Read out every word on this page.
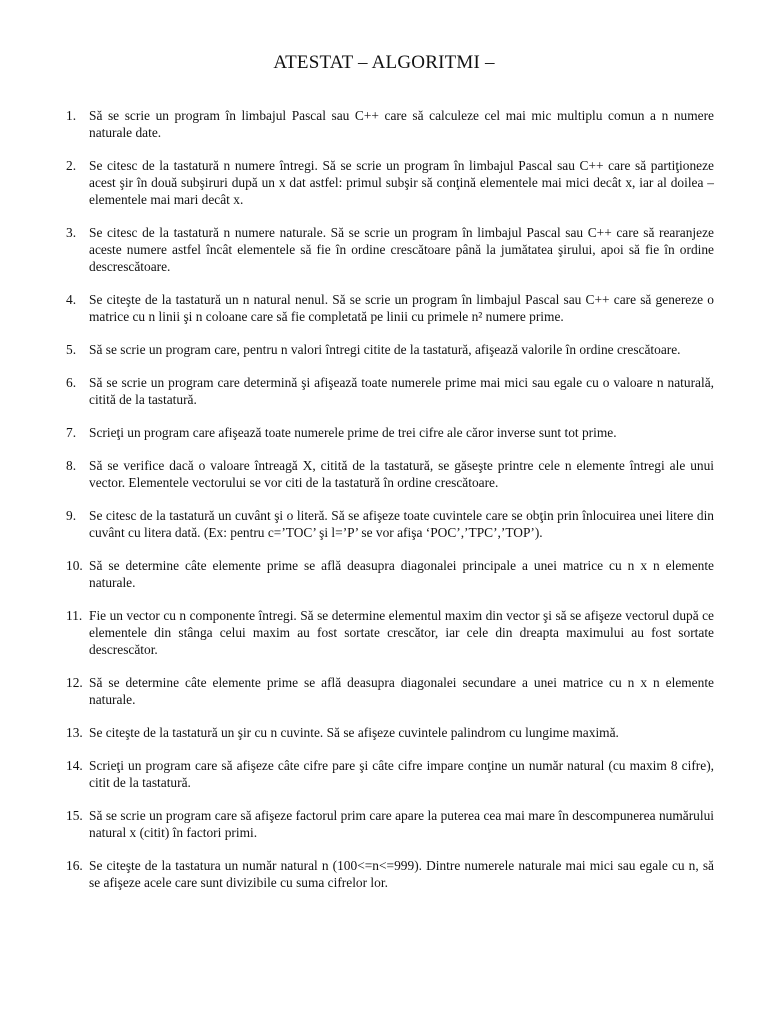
ATESTAT – ALGORITMI –
1. Să se scrie un program în limbajul Pascal sau C++ care să calculeze cel mai mic multiplu comun a n numere naturale date.
2. Se citesc de la tastatură n numere întregi. Să se scrie un program în limbajul Pascal sau C++ care să partiţioneze acest şir în două subşiruri după un x dat astfel: primul subşir să conţină elementele mai mici decât x, iar al doilea – elementele mai mari decât x.
3. Se citesc de la tastatură n numere naturale. Să se scrie un program în limbajul Pascal sau C++ care să rearanjeze aceste numere astfel încât elementele să fie în ordine crescătoare până la jumătatea şirului, apoi să fie în ordine descrescătoare.
4. Se citeşte de la tastatură un n natural nenul. Să se scrie un program în limbajul Pascal sau C++ care să genereze o matrice cu n linii şi n coloane care să fie completată pe linii cu primele n² numere prime.
5. Să se scrie un program care, pentru n valori întregi citite de la tastatură, afişează valorile în ordine crescătoare.
6. Să se scrie un program care determină şi afişează toate numerele prime mai mici sau egale cu o valoare n naturală, citită de la tastatură.
7. Scrieţi un program care afişează toate numerele prime de trei cifre ale căror inverse sunt tot prime.
8. Să se verifice dacă o valoare întreagă X, citită de la tastatură, se găseşte printre cele n elemente întregi ale unui vector. Elementele vectorului se vor citi de la tastatură în ordine crescătoare.
9. Se citesc de la tastatură un cuvânt şi o literă. Să se afişeze toate cuvintele care se obţin prin înlocuirea unei litere din cuvânt cu litera dată. (Ex: pentru c=’TOC’ şi l=’P’ se vor afişa ‘POC’,’TPC’,’TOP’).
10. Să se determine câte elemente prime se află deasupra diagonalei principale a unei matrice cu n x n elemente naturale.
11. Fie un vector cu n componente întregi. Să se determine elementul maxim din vector şi să se afişeze vectorul după ce elementele din stânga celui maxim au fost sortate crescător, iar cele din dreapta maximului au fost sortate descrescător.
12. Să se determine câte elemente prime se află deasupra diagonalei secundare a unei matrice cu n x n elemente naturale.
13. Se citeşte de la tastatură un şir cu n cuvinte. Să se afişeze cuvintele palindrom cu lungime maximă.
14. Scrieţi un program care să afişeze câte cifre pare şi câte cifre impare conţine un număr natural (cu maxim 8 cifre), citit de la tastatură.
15. Să se scrie un program care să afişeze factorul prim care apare la puterea cea mai mare în descompunerea numărului natural x (citit) în factori primi.
16. Se citeşte de la tastatura un număr natural n (100<=n<=999). Dintre numerele naturale mai mici sau egale cu n, să se afişeze acele care sunt divizibile cu suma cifrelor lor.
